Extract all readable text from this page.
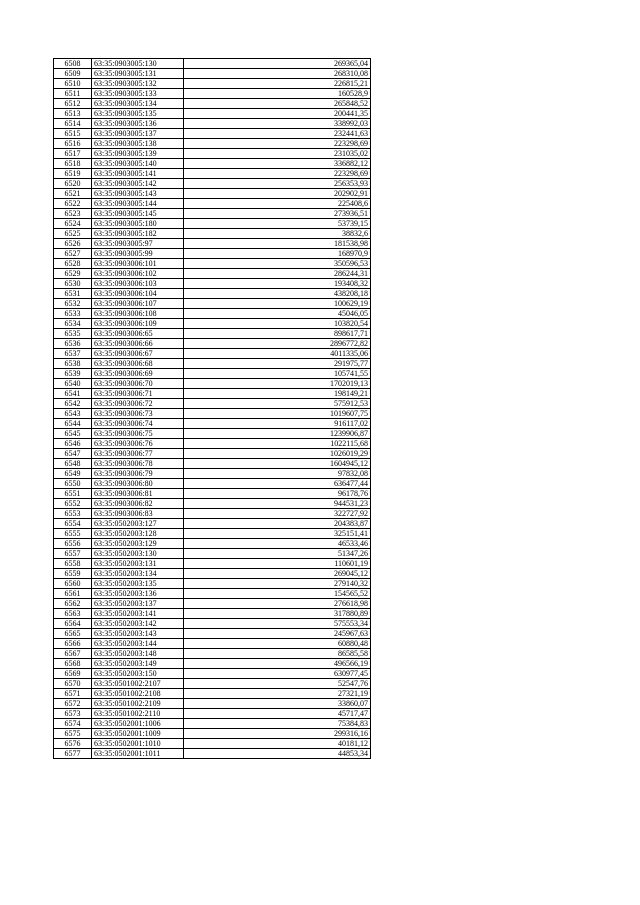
6508	63:35:0903005:130	269365,04
6509	63:35:0903005:131	268310,08
6510	63:35:0903005:132	226815,21
6511	63:35:0903005:133	160528,9
6512	63:35:0903005:134	265848,52
6513	63:35:0903005:135	200441,35
6514	63:35:0903005:136	338992,03
6515	63:35:0903005:137	232441,63
6516	63:35:0903005:138	223298,69
6517	63:35:0903005:139	231035,02
6518	63:35:0903005:140	336882,12
6519	63:35:0903005:141	223298,69
6520	63:35:0903005:142	256353,93
6521	63:35:0903005:143	202902,91
6522	63:35:0903005:144	225408,6
6523	63:35:0903005:145	273936,51
6524	63:35:0903005:180	53739,15
6525	63:35:0903005:182	38832,6
6526	63:35:0903005:97	181538,98
6527	63:35:0903005:99	168970,9
6528	63:35:0903006:101	350596,53
6529	63:35:0903006:102	286244,31
6530	63:35:0903006:103	193408,32
6531	63:35:0903006:104	438208,18
6532	63:35:0903006:107	100629,19
6533	63:35:0903006:108	45046,05
6534	63:35:0903006:109	103820,54
6535	63:35:0903006:65	898617,71
6536	63:35:0903006:66	2896772,82
6537	63:35:0903006:67	4011335,06
6538	63:35:0903006:68	291975,77
6539	63:35:0903006:69	105741,55
6540	63:35:0903006:70	1702019,13
6541	63:35:0903006:71	198149,21
6542	63:35:0903006:72	575912,53
6543	63:35:0903006:73	1019607,75
6544	63:35:0903006:74	916117,02
6545	63:35:0903006:75	1239906,87
6546	63:35:0903006:76	1022115,68
6547	63:35:0903006:77	1026019,29
6548	63:35:0903006:78	1604945,12
6549	63:35:0903006:79	97832,08
6550	63:35:0903006:80	636477,44
6551	63:35:0903006:81	96178,76
6552	63:35:0903006:82	944531,23
6553	63:35:0903006:83	322727,92
6554	63:35:0502003:127	204383,87
6555	63:35:0502003:128	325151,41
6556	63:35:0502003:129	46533,46
6557	63:35:0502003:130	51347,26
6558	63:35:0502003:131	110601,19
6559	63:35:0502003:134	269045,12
6560	63:35:0502003:135	279140,32
6561	63:35:0502003:136	154565,52
6562	63:35:0502003:137	276618,98
6563	63:35:0502003:141	317880,89
6564	63:35:0502003:142	575553,34
6565	63:35:0502003:143	245967,63
6566	63:35:0502003:144	60880,48
6567	63:35:0502003:148	86585,58
6568	63:35:0502003:149	496566,19
6569	63:35:0502003:150	630977,45
6570	63:35:0501002:2107	52547,76
6571	63:35:0501002:2108	27321,19
6572	63:35:0501002:2109	33860,07
6573	63:35:0501002:2110	45717,47
6574	63:35:0502001:1006	75384,83
6575	63:35:0502001:1009	299316,16
6576	63:35:0502001:1010	40181,12
6577	63:35:0502001:1011	44853,34
